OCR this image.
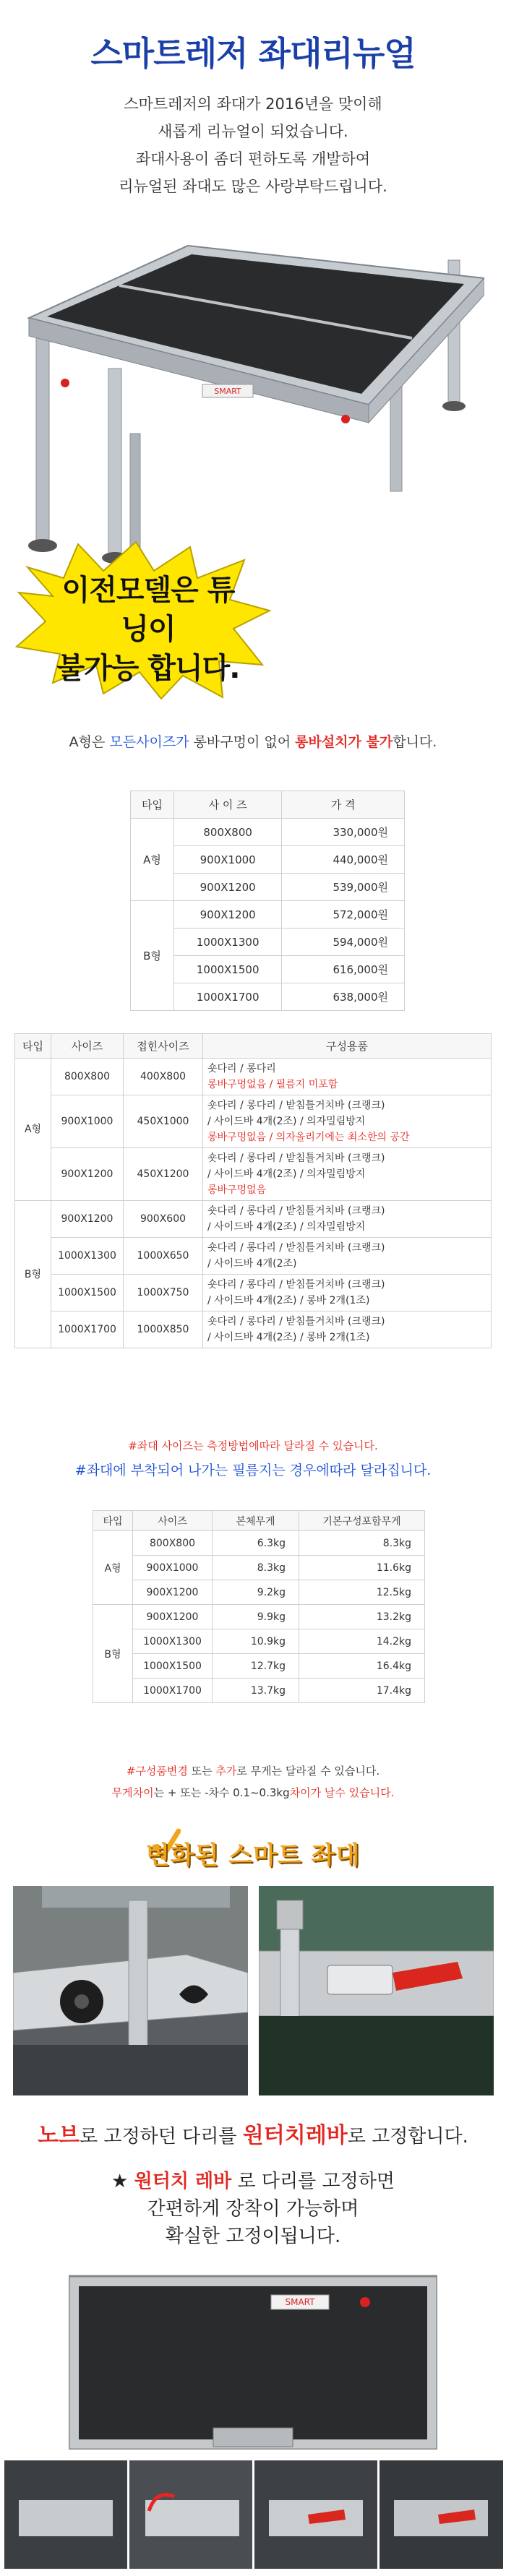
스마트레저 좌대리뉴얼
스마트레저의 좌대가 2016년을 맞이해
새롭게 리뉴얼이 되었습니다.
좌대사용이 좀더 편하도록 개발하여
리뉴얼된 좌대도 많은 사랑부탁드립니다.
SMART
이전모델은 튜닝이
불가능 합니다.
A형은 모든사이즈가 롱바구멍이 없어 롱바설치가 불가합니다.
타입	사 이 즈	가 격
A형	800X800	330,000원
	900X1000	440,000원
	900X1200	539,000원
B형	900X1200	572,000원
	1000X1300	594,000원
	1000X1500	616,000원
	1000X1700	638,000원
타입	사이즈	접힌사이즈	구성용품
A형	800X800	400X800	숏다리 / 롱다리
롱바구멍없음 / 필름지 미포함

	900X1000	450X1000	숏다리 / 롱다리 / 받침틀거치바 (크랭크)
/ 사이드바 4개(2조) / 의자밀림방지
롱바구멍없음 / 의자올리기에는 최소한의 공간

	900X1200	450X1200	숏다리 / 롱다리 / 받침틀거치바 (크랭크)
/ 사이드바 4개(2조) / 의자밀림방지
롱바구멍없음

B형	900X1200	900X600	숏다리 / 롱다리 / 받침틀거치바 (크랭크)
/ 사이드바 4개(2조) / 의자밀림방지

	1000X1300	1000X650	숏다리 / 롱다리 / 받침틀거치바 (크랭크)
/ 사이드바 4개(2조)

	1000X1500	1000X750	숏다리 / 롱다리 / 받침틀거치바 (크랭크)
/ 사이드바 4개(2조) / 롱바 2개(1조)

	1000X1700	1000X850	숏다리 / 롱다리 / 받침틀거치바 (크랭크)
/ 사이드바 4개(2조) / 롱바 2개(1조)
#좌대 사이즈는 측정방법에따라 달라질 수 있습니다.
#좌대에 부착되어 나가는 필름지는 경우에따라 달라집니다.
타입	사이즈	본체무게	기본구성포함무게
A형	800X800	6.3kg	8.3kg
	900X1000	8.3kg	11.6kg
	900X1200	9.2kg	12.5kg
B형	900X1200	9.9kg	13.2kg
	1000X1300	10.9kg	14.2kg
	1000X1500	12.7kg	16.4kg
	1000X1700	13.7kg	17.4kg
#구성품변경 또는 추가로 무게는 달라질 수 있습니다.
무게차이는 + 또는 -차수 0.1~0.3kg차이가 날수 있습니다.
변화된 스마트 좌대
노브로 고정하던 다리를 원터치레바로 고정합니다.
★ 원터치 레바 로 다리를 고정하면
간편하게 장착이 가능하며
확실한 고정이됩니다.
SMART
